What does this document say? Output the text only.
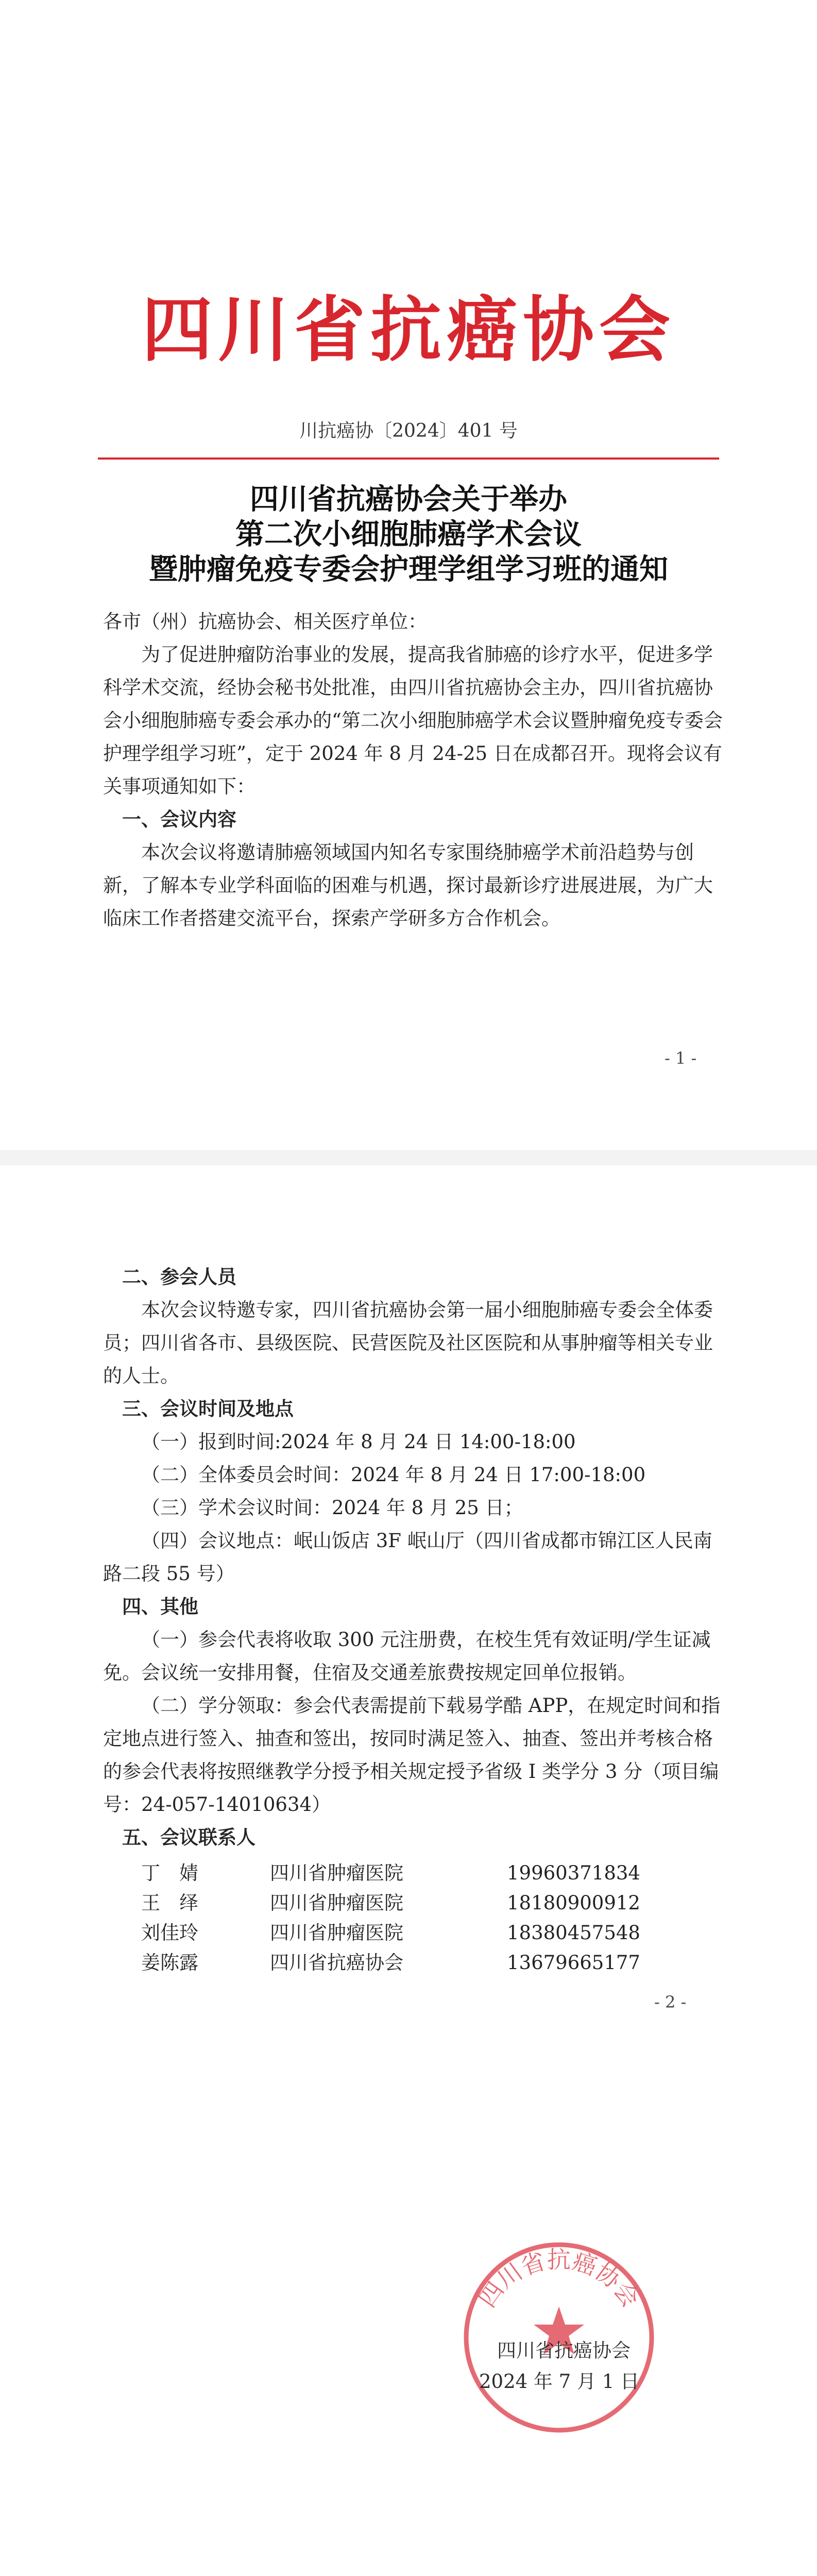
四川省抗癌协会
川抗癌协〔2024〕401 号
四川省抗癌协会关于举办
第二次小细胞肺癌学术会议
暨肿瘤免疫专委会护理学组学习班的通知

各市（州）抗癌协会、相关医疗单位：

为了促进肿瘤防治事业的发展，提高我省肺癌的诊疗水平，促进多学科学术交流，经协会秘书处批准，由四川省抗癌协会主办，四川省抗癌协会小细胞肺癌专委会承办的“第二次小细胞肺癌学术会议暨肿瘤免疫专委会护理学组学习班”，定于 2024 年 8 月 24-25 日在成都召开。现将会议有关事项通知如下：

一、会议内容

本次会议将邀请肺癌领域国内知名专家围绕肺癌学术前沿趋势与创新，了解本专业学科面临的困难与机遇，探讨最新诊疗进展进展，为广大临床工作者搭建交流平台，探索产学研多方合作机会。

- 1 -

二、参会人员

本次会议特邀专家，四川省抗癌协会第一届小细胞肺癌专委会全体委员；四川省各市、县级医院、民营医院及社区医院和从事肿瘤等相关专业的人士。

三、会议时间及地点

（一）报到时间:2024 年 8 月 24 日 14:00-18:00

（二）全体委员会时间：2024 年 8 月 24 日 17:00-18:00

（三）学术会议时间：2024 年 8 月 25 日；

（四）会议地点：岷山饭店 3F 岷山厅（四川省成都市锦江区人民南路二段 55 号）

四、其他

（一）参会代表将收取 300 元注册费，在校生凭有效证明/学生证减免。会议统一安排用餐，住宿及交通差旅费按规定回单位报销。

（二）学分领取：参会代表需提前下载易学酷 APP，在规定时间和指定地点进行签入、抽查和签出，按同时满足签入、抽查、签出并考核合格的参会代表将按照继教学分授予相关规定授予省级 I 类学分 3 分（项目编号：24-057-14010634）

五、会议联系人

丁　婧	四川省肿瘤医院	19960371834
王　绎	四川省肿瘤医院	18180900912
刘佳玲	四川省肿瘤医院	18380457548
姜陈露	四川省抗癌协会	13679665177
- 2 -
四川省抗癌协会
四川省抗癌协会
2024 年 7 月 1 日
